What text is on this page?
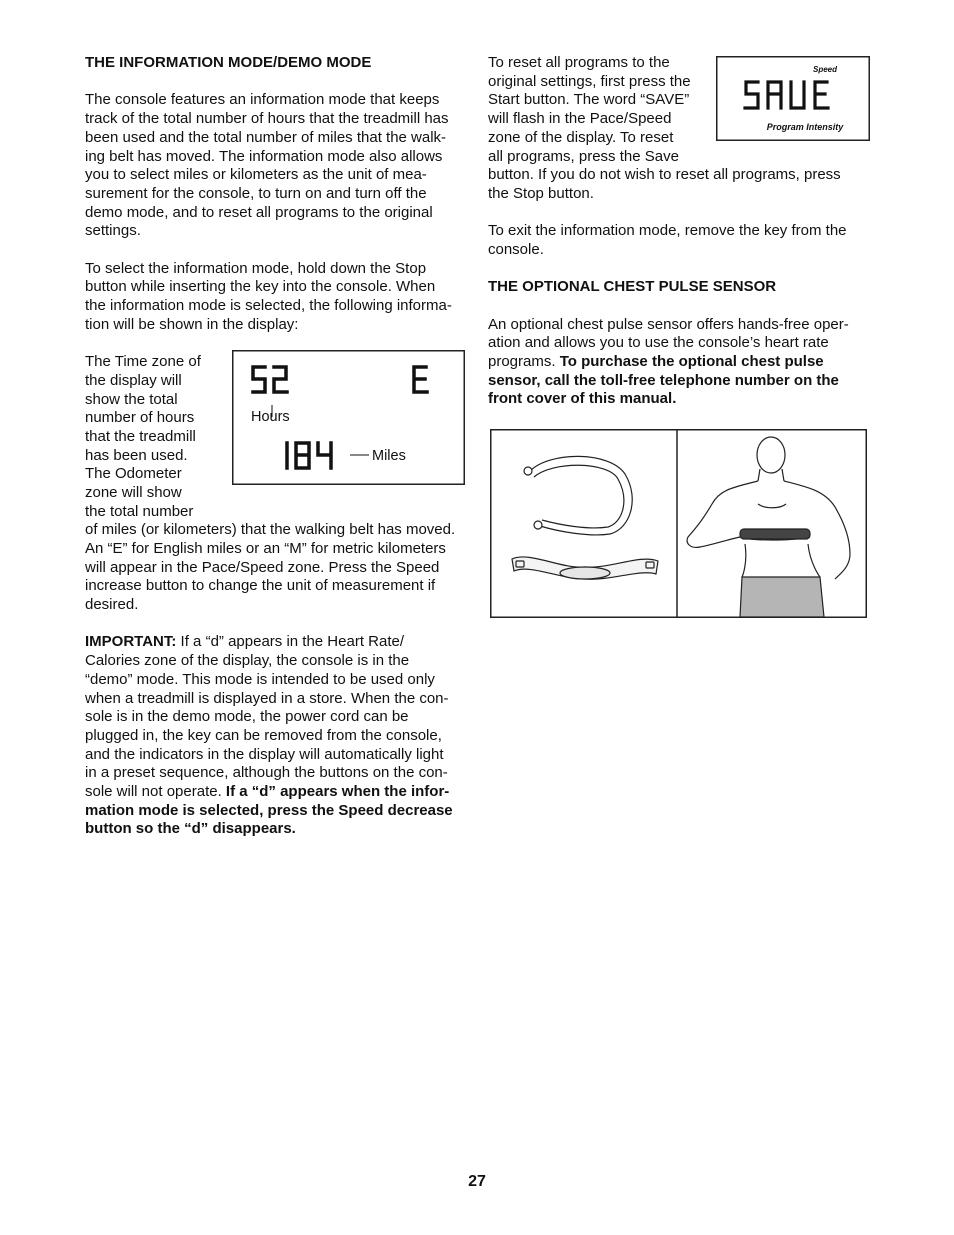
THE INFORMATION MODE/DEMO MODE

The console features an information mode that keeps
track of the total number of hours that the treadmill has
been used and the total number of miles that the walk-
ing belt has moved. The information mode also allows
you to select miles or kilometers as the unit of mea-
surement for the console, to turn on and turn off the
demo mode, and to reset all programs to the original
settings.
To select the information mode, hold down the Stop
button while inserting the key into the console. When
the information mode is selected, the following informa-
tion will be shown in the display:
The Time zone of
the display will
show the total
number of hours
that the treadmill
has been used.
The Odometer
zone will show
the total number
Hours
Miles
of miles (or kilometers) that the walking belt has moved.
An “E” for English miles or an “M” for metric kilometers
will appear in the Pace/Speed zone. Press the Speed
increase button to change the unit of measurement if
desired.
IMPORTANT: If a “d” appears in the Heart Rate/
Calories zone of the display, the console is in the
“demo” mode. This mode is intended to be used only
when a treadmill is displayed in a store. When the con-
sole is in the demo mode, the power cord can be
plugged in, the key can be removed from the console,
and the indicators in the display will automatically light
in a preset sequence, although the buttons on the con-
sole will not operate. If a “d” appears when the infor-
mation mode is selected, press the Speed decrease
button so the “d” disappears.
To reset all programs to the
original settings, first press the
Start button. The word “SAVE”
will flash in the Pace/Speed
zone of the display. To reset
all programs, press the Save
Speed
Program Intensity
button. If you do not wish to reset all programs, press
the Stop button.
To exit the information mode, remove the key from the
console.

THE OPTIONAL CHEST PULSE SENSOR

An optional chest pulse sensor offers hands-free oper-
ation and allows you to use the console’s heart rate
programs. To purchase the optional chest pulse
sensor, call the toll-free telephone number on the
front cover of this manual.
27
